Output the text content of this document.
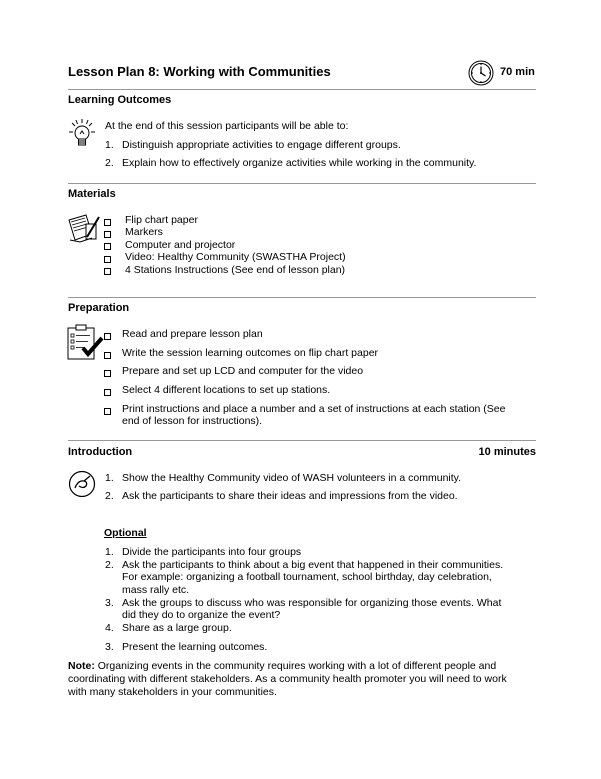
Lesson Plan 8: Working with Communities	70 min
Learning Outcomes
At the end of this session participants will be able to:
1. Distinguish appropriate activities to engage different groups.
2. Explain how to effectively organize activities while working in the community.
Materials
Flip chart paper
Markers
Computer and projector
Video: Healthy Community (SWASTHA Project)
4 Stations Instructions (See end of lesson plan)
Preparation
Read and prepare lesson plan
Write the session learning outcomes on flip chart paper
Prepare and set up LCD and computer for the video
Select 4 different locations to set up stations.
Print instructions and place a number and a set of instructions at each station (See
end of lesson for instructions).
Introduction	10 minutes
1. Show the Healthy Community video of WASH volunteers in a community.
2. Ask the participants to share their ideas and impressions from the video.
Optional
1. Divide the participants into four groups
2. Ask the participants to think about a big event that happened in their communities.
For example: organizing a football tournament, school birthday, day celebration,
mass rally etc.
3. Ask the groups to discuss who was responsible for organizing those events. What
did they do to organize the event?
4. Share as a large group.
3. Present the learning outcomes.
Note: Organizing events in the community requires working with a lot of different people and
coordinating with different stakeholders. As a community health promoter you will need to work
with many stakeholders in your communities.
